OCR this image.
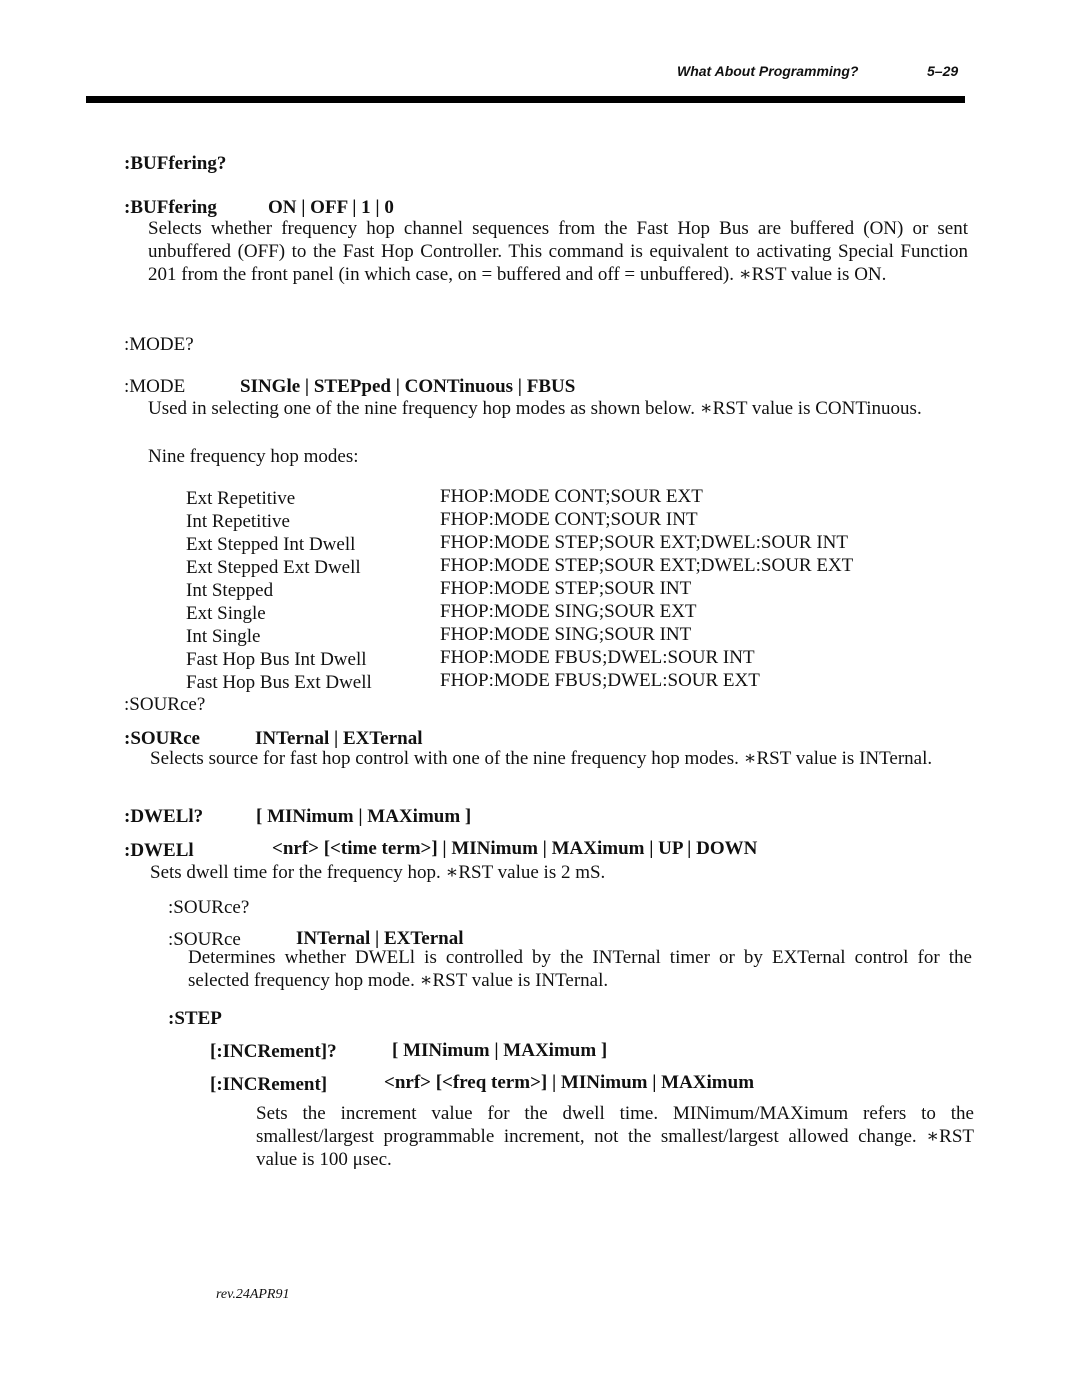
What About Programming?	5–29
:BUFfering?
:BUFfering	ON | OFF | 1 | 0
Selects whether frequency hop channel sequences from the Fast Hop Bus are buffered (ON) or sent unbuffered (OFF) to the Fast Hop Controller. This command is equivalent to activating Special Function 201 from the front panel (in which case, on = buffered and off = unbuffered). ∗RST value is ON.
:MODE?
:MODE	SINGle | STEPped | CONTinuous | FBUS
Used in selecting one of the nine frequency hop modes as shown below. ∗RST value is CONTinuous.
Nine frequency hop modes:
Ext Repetitive	FHOP:MODE CONT;SOUR EXT
Int Repetitive	FHOP:MODE CONT;SOUR INT
Ext Stepped Int Dwell	FHOP:MODE STEP;SOUR EXT;DWEL:SOUR INT
Ext Stepped Ext Dwell	FHOP:MODE STEP;SOUR EXT;DWEL:SOUR EXT
Int Stepped	FHOP:MODE STEP;SOUR INT
Ext Single	FHOP:MODE SING;SOUR EXT
Int Single	FHOP:MODE SING;SOUR INT
Fast Hop Bus Int Dwell	FHOP:MODE FBUS;DWEL:SOUR INT
Fast Hop Bus Ext Dwell	FHOP:MODE FBUS;DWEL:SOUR EXT
:SOURce?
:SOURce	INTernal | EXTernal
Selects source for fast hop control with one of the nine frequency hop modes. ∗RST value is INTernal.
:DWELl?	[ MINimum | MAXimum ]
:DWELl	<nrf> [<time term>] | MINimum | MAXimum | UP | DOWN
Sets dwell time for the frequency hop. ∗RST value is 2 mS.
:SOURce?
:SOURce	INTernal | EXTernal
Determines whether DWELl is controlled by the INTernal timer or by EXTernal control for the selected frequency hop mode. ∗RST value is INTernal.
:STEP
[:INCRement]?	[ MINimum | MAXimum ]
[:INCRement]	<nrf> [<freq term>] | MINimum | MAXimum
Sets the increment value for the dwell time. MINimum/MAXimum refers to the smallest/largest programmable increment, not the smallest/largest allowed change. ∗RST value is 100 μsec.
rev.24APR91
